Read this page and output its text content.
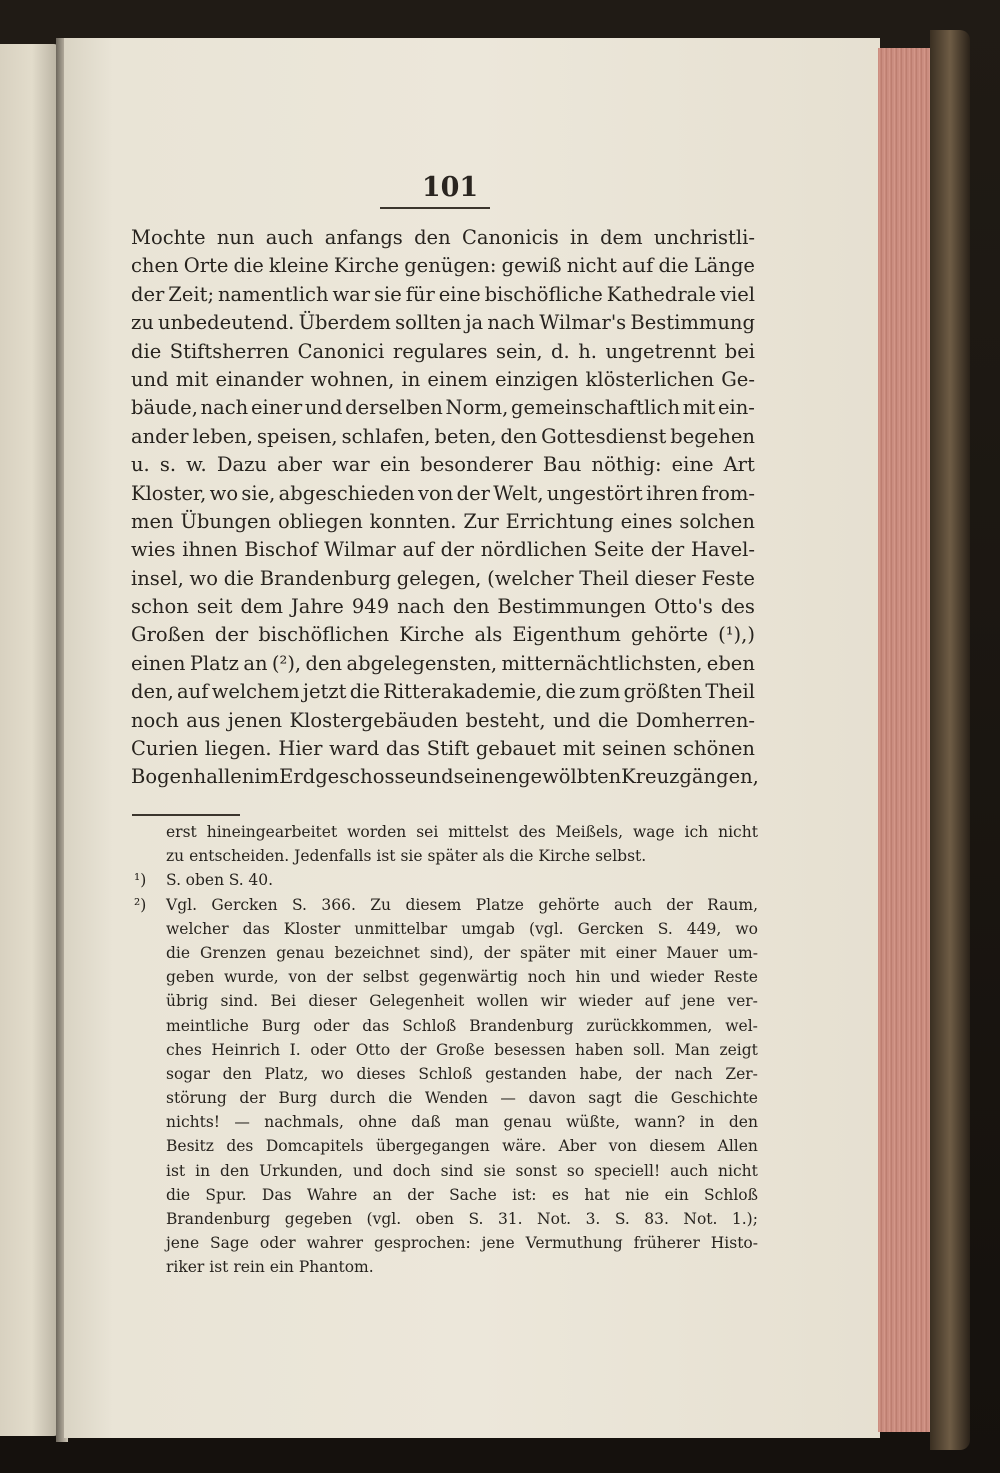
101
Mochte nun auch anfangs den Canonicis in dem unchristli-
chen Orte die kleine Kirche genügen: gewiß nicht auf die Länge
der Zeit; namentlich war sie für eine bischöfliche Kathedrale viel
zu unbedeutend. Überdem sollten ja nach Wilmar's Bestimmung
die Stiftsherren Canonici regulares sein, d. h. ungetrennt bei
und mit einander wohnen, in einem einzigen klösterlichen Ge-
bäude, nach einer und derselben Norm, gemeinschaftlich mit ein-
ander leben, speisen, schlafen, beten, den Gottesdienst begehen
u. s. w. Dazu aber war ein besonderer Bau nöthig: eine Art
Kloster, wo sie, abgeschieden von der Welt, ungestört ihren from-
men Übungen obliegen konnten. Zur Errichtung eines solchen
wies ihnen Bischof Wilmar auf der nördlichen Seite der Havel-
insel, wo die Brandenburg gelegen, (welcher Theil dieser Feste
schon seit dem Jahre 949 nach den Bestimmungen Otto's des
Großen der bischöflichen Kirche als Eigenthum gehörte (¹),)
einen Platz an (²), den abgelegensten, mitternächtlichsten, eben
den, auf welchem jetzt die Ritterakademie, die zum größten Theil
noch aus jenen Klostergebäuden besteht, und die Domherren-
Curien liegen. Hier ward das Stift gebauet mit seinen schönen
Bogenhallen im Erdgeschosse und seinen gewölbten Kreuzgängen,
erst hineingearbeitet worden sei mittelst des Meißels, wage ich nicht
zu entscheiden. Jedenfalls ist sie später als die Kirche selbst.
¹)	S. oben S. 40.
²)	Vgl. Gercken S. 366. Zu diesem Platze gehörte auch der Raum,
welcher das Kloster unmittelbar umgab (vgl. Gercken S. 449, wo
die Grenzen genau bezeichnet sind), der später mit einer Mauer um-
geben wurde, von der selbst gegenwärtig noch hin und wieder Reste
übrig sind. Bei dieser Gelegenheit wollen wir wieder auf jene ver-
meintliche Burg oder das Schloß Brandenburg zurückkommen, wel-
ches Heinrich I. oder Otto der Große besessen haben soll. Man zeigt
sogar den Platz, wo dieses Schloß gestanden habe, der nach Zer-
störung der Burg durch die Wenden — davon sagt die Geschichte
nichts! — nachmals, ohne daß man genau wüßte, wann? in den
Besitz des Domcapitels übergegangen wäre. Aber von diesem Allen
ist in den Urkunden, und doch sind sie sonst so speciell! auch nicht
die Spur. Das Wahre an der Sache ist: es hat nie ein Schloß
Brandenburg gegeben (vgl. oben S. 31. Not. 3. S. 83. Not. 1.);
jene Sage oder wahrer gesprochen: jene Vermuthung früherer Histo-
riker ist rein ein Phantom.
